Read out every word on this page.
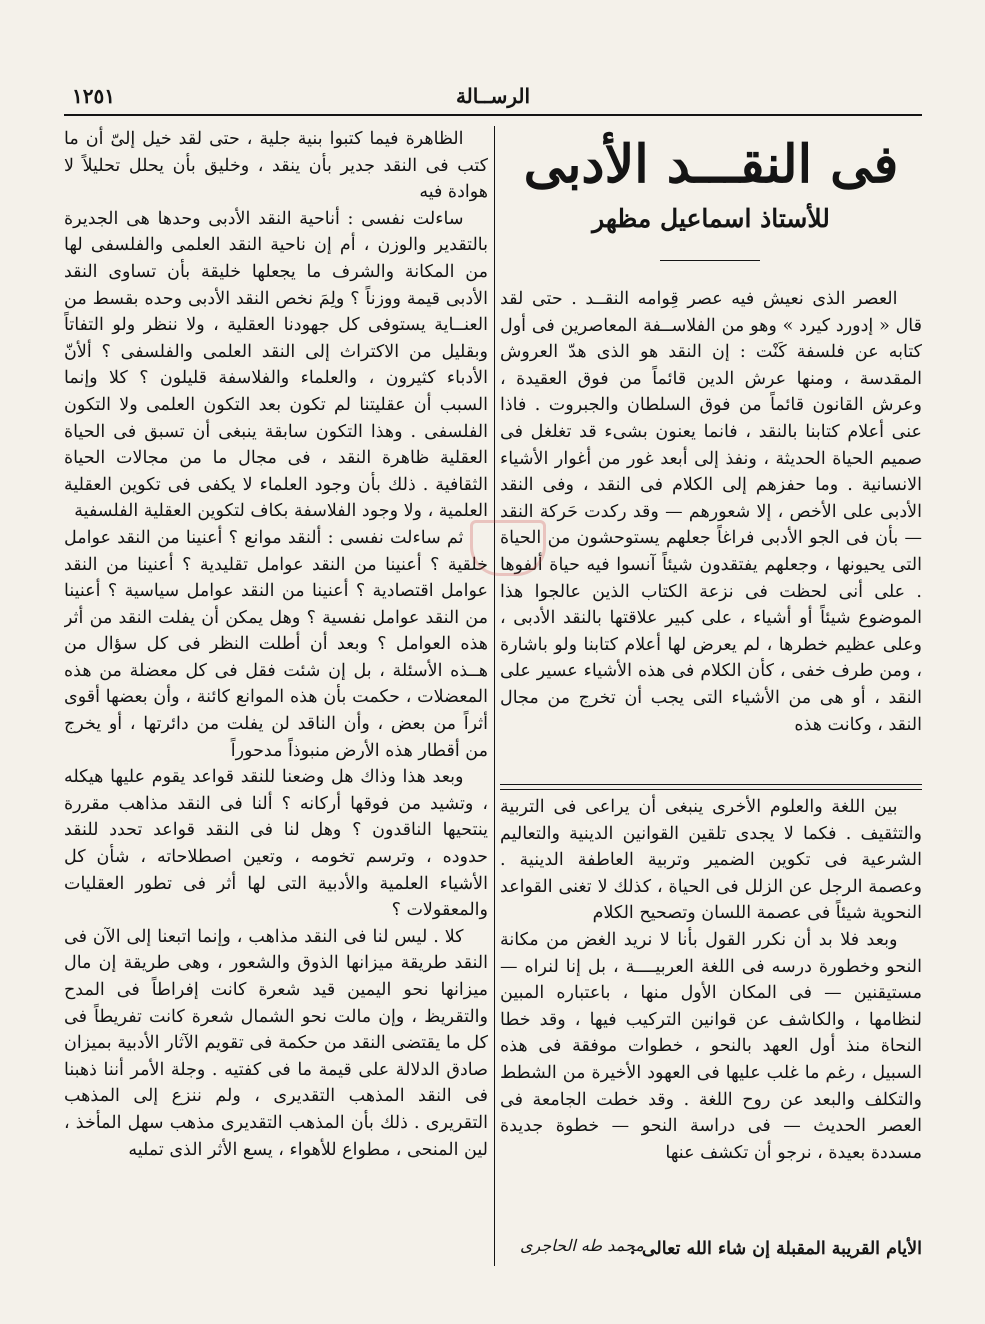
١٢٥١	الرســالة
فى النقـــد الأدبى
للأستاذ اسماعيل مظهر

العصر الذى نعيش فيه عصر قِوامه النقــد . حتى لقد قال « إدورد كيرد » وهو من الفلاســفة المعاصرين فى أول كتابه عن فلسفة كَنْت : إن النقد هو الذى هدّ العروش المقدسة ، ومنها عرش الدين قائماً من فوق العقيدة ، وعرش القانون قائماً من فوق السلطان والجبروت . فاذا عنى أعلام كتابنا بالنقد ، فانما يعنون بشىء قد تغلغل فى صميم الحياة الحديثة ، ونفذ إلى أبعد غور من أغوار الأشياء الانسانية . وما حفزهم إلى الكلام فى النقد ، وفى النقد الأدبى على الأخص ، إلا شعورهم — وقد ركدت حَركة النقد — بأن فى الجو الأدبى فراغاً جعلهم يستوحشون من الحياة التى يحيونها ، وجعلهم يفتقدون شيئاً آنسوا فيه حياة ألفوها . على أنى لحظت فى نزعة الكتاب الذين عالجوا هذا الموضوع شيئاً أو أشياء ، على كبير علاقتها بالنقد الأدبى ، وعلى عظيم خطرها ، لم يعرض لها أعلام كتابنا ولو باشارة ، ومن طرف خفى ، كأن الكلام فى هذه الأشياء عسير على النقد ، أو هى من الأشياء التى يجب أن تخرج من مجال النقد ، وكانت هذه

بين اللغة والعلوم الأخرى ينبغى أن يراعى فى التربية والتثقيف . فكما لا يجدى تلقين القوانين الدينية والتعاليم الشرعية فى تكوين الضمير وتربية العاطفة الدينية . وعصمة الرجل عن الزلل فى الحياة ، كذلك لا تغنى القواعد النحوية شيئاً فى عصمة اللسان وتصحيح الكلام

وبعد فلا بد أن نكرر القول بأنا لا نريد الغض من مكانة النحو وخطورة درسه فى اللغة العربيــــة ، بل إنا لنراه — مستيقنين — فى المكان الأول منها ، باعتباره المبين لنظامها ، والكاشف عن قوانين التركيب فيها ، وقد خطا النحاة منذ أول العهد بالنحو ، خطوات موفقة فى هذه السبيل ، رغم ما غلب عليها فى العهود الأخيرة من الشطط والتكلف والبعد عن روح اللغة . وقد خطت الجامعة فى العصر الحديث — فى دراسة النحو — خطوة جديدة مسددة بعيدة ، نرجو أن تكشف عنها

الأيام القريبة المقبلة إن شاء الله تعالى .
محمد طه الحاجرى

الظاهرة فيما كتبوا بنية جلية ، حتى لقد خيل إلىّ أن ما كتب فى النقد جدير بأن ينقد ، وخليق بأن يحلل تحليلاً لا هوادة فيه

ساءلت نفسى : أناحية النقد الأدبى وحدها هى الجديرة بالتقدير والوزن ، أم إن ناحية النقد العلمى والفلسفى لها من المكانة والشرف ما يجعلها خليقة بأن تساوى النقد الأدبى قيمة ووزناً ؟ ولِمَ نخص النقد الأدبى وحده بقسط من العنــاية يستوفى كل جهودنا العقلية ، ولا ننظر ولو التفاتاً وبقليل من الاكتراث إلى النقد العلمى والفلسفى ؟ ألأنّ الأدباء كثيرون ، والعلماء والفلاسفة قليلون ؟ كلا وإنما السبب أن عقليتنا لم تكون بعد التكون العلمى ولا التكون الفلسفى . وهذا التكون سابقة ينبغى أن تسبق فى الحياة العقلية ظاهرة النقد ، فى مجال ما من مجالات الحياة الثقافية . ذلك بأن وجود العلماء لا يكفى فى تكوين العقلية العلمية ، ولا وجود الفلاسفة بكاف لتكوين العقلية الفلسفية

ثم ساءلت نفسى : ألنقد موانع ؟ أعنينا من النقد عوامل خلقية ؟ أعنينا من النقد عوامل تقليدية ؟ أعنينا من النقد عوامل اقتصادية ؟ أعنينا من النقد عوامل سياسية ؟ أعنينا من النقد عوامل نفسية ؟ وهل يمكن أن يفلت النقد من أثر هذه العوامل ؟ وبعد أن أطلت النظر فى كل سؤال من هــذه الأسئلة ، بل إن شئت فقل فى كل معضلة من هذه المعضلات ، حكمت بأن هذه الموانع كائنة ، وأن بعضها أقوى أثراً من بعض ، وأن الناقد لن يفلت من دائرتها ، أو يخرج من أقطار هذه الأرض منبوذاً مدحوراً

وبعد هذا وذاك هل وضعنا للنقد قواعد يقوم عليها هيكله ، وتشيد من فوقها أركانه ؟ ألنا فى النقد مذاهب مقررة ينتحيها الناقدون ؟ وهل لنا فى النقد قواعد تحدد للنقد حدوده ، وترسم تخومه ، وتعين اصطلاحاته ، شأن كل الأشياء العلمية والأدبية التى لها أثر فى تطور العقليات والمعقولات ؟

كلا . ليس لنا فى النقد مذاهب ، وإنما اتبعنا إلى الآن فى النقد طريقة ميزانها الذوق والشعور ، وهى طريقة إن مال ميزانها نحو اليمين قيد شعرة كانت إفراطاً فى المدح والتقريظ ، وإن مالت نحو الشمال شعرة كانت تفريطاً فى كل ما يقتضى النقد من حكمة فى تقويم الآثار الأدبية بميزان صادق الدلالة على قيمة ما فى كفتيه . وجلة الأمر أننا ذهبنا فى النقد المذهب التقديرى ، ولم ننزع إلى المذهب التقريرى . ذلك بأن المذهب التقديرى مذهب سهل المأخذ ، لين المنحى ، مطواع للأهواء ، يسع الأثر الذى تمليه
